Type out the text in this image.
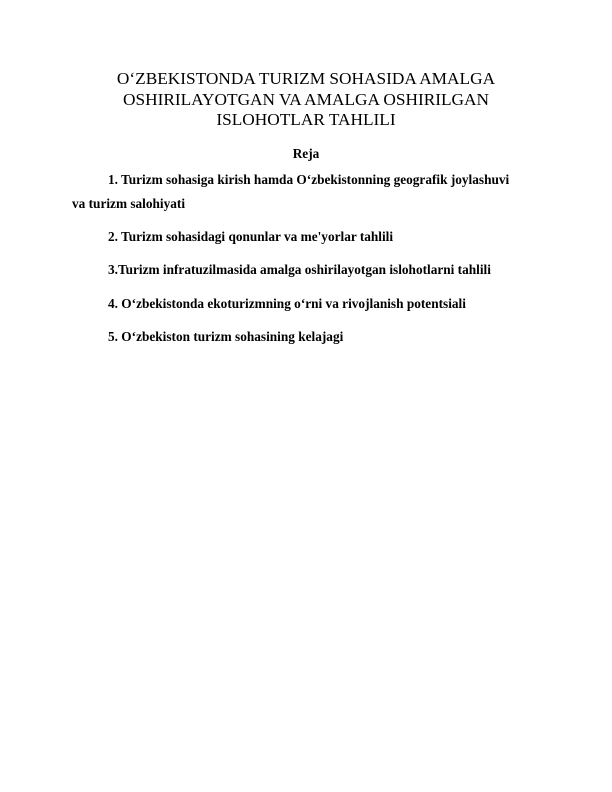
O‘ZBEKISTONDA TURIZM SOHASIDA AMALGA
OSHIRILAYOTGAN VA AMALGA OSHIRILGAN
ISLOHOTLAR TAHLILI

Reja

1. Turizm sohasiga kirish hamda O‘zbekistonning geografik joylashuvi

va turizm salohiyati

2. Turizm sohasidagi qonunlar va me'yorlar tahlili

3.Turizm infratuzilmasida amalga oshirilayotgan islohotlarni tahlili

4. O‘zbekistonda ekoturizmning o‘rni va rivojlanish potentsiali

5. O‘zbekiston turizm sohasining kelajagi
